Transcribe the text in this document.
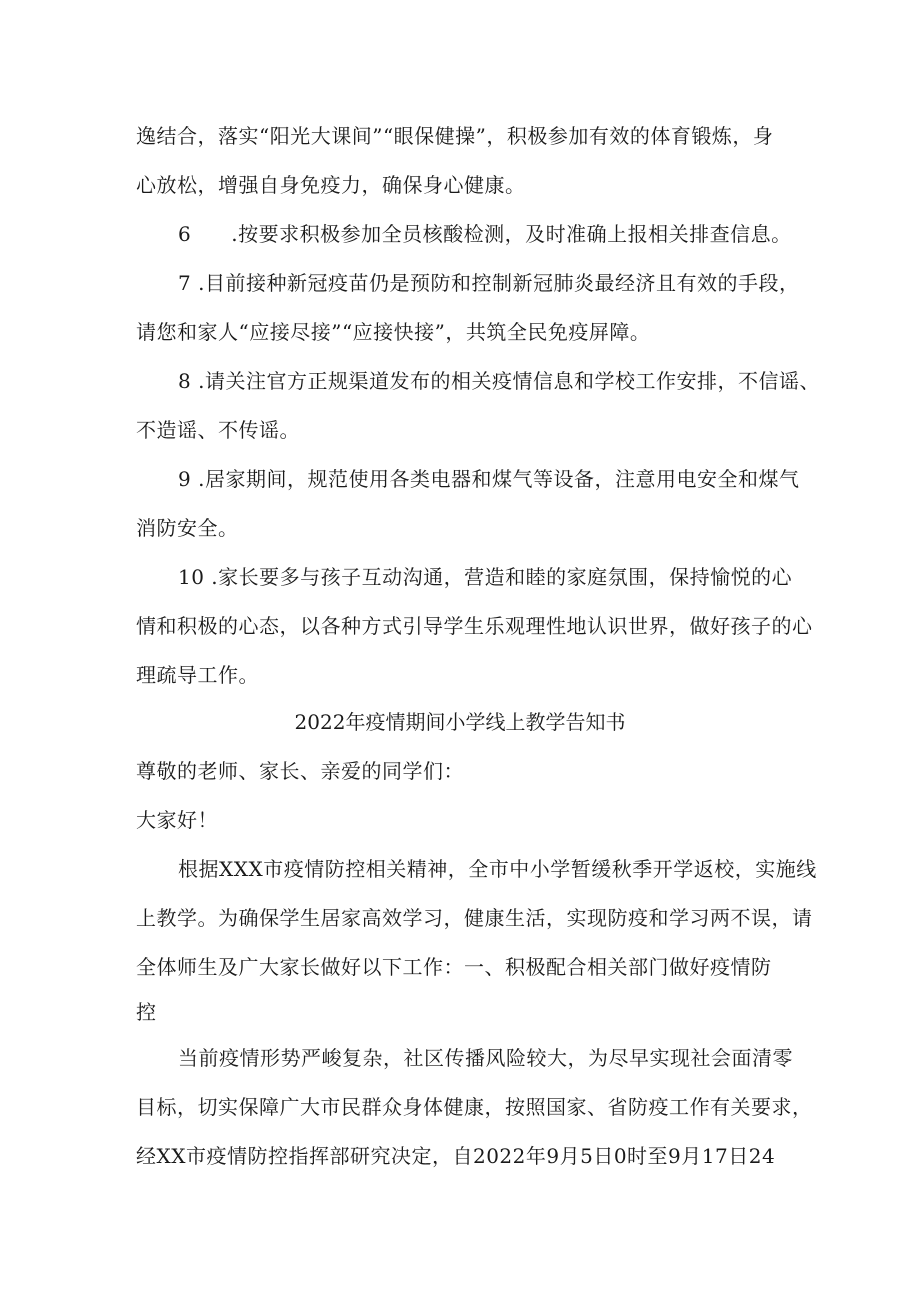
逸结合，落实“阳光大课间”“眼保健操”，积极参加有效的体育锻炼，身
心放松，增强自身免疫力，确保身心健康。
6 .按要求积极参加全员核酸检测，及时准确上报相关排查信息。
7 .目前接种新冠疫苗仍是预防和控制新冠肺炎最经济且有效的手段，
请您和家人“应接尽接”“应接快接”，共筑全民免疫屏障。
8 .请关注官方正规渠道发布的相关疫情信息和学校工作安排，不信谣、
不造谣、不传谣。
9 .居家期间，规范使用各类电器和煤气等设备，注意用电安全和煤气
消防安全。
10 .家长要多与孩子互动沟通，营造和睦的家庭氛围，保持愉悦的心
情和积极的心态，以各种方式引导学生乐观理性地认识世界，做好孩子的心
理疏导工作。
2022年疫情期间小学线上教学告知书
尊敬的老师、家长、亲爱的同学们：
大家好！
根据XXX市疫情防控相关精神，全市中小学暂缓秋季开学返校，实施线
上教学。为确保学生居家高效学习，健康生活，实现防疫和学习两不误，请
全体师生及广大家长做好以下工作：一、积极配合相关部门做好疫情防
控
当前疫情形势严峻复杂，社区传播风险较大，为尽早实现社会面清零
目标，切实保障广大市民群众身体健康，按照国家、省防疫工作有关要求，
经XX市疫情防控指挥部研究决定，自2022年9月5日0时至9月17日24
